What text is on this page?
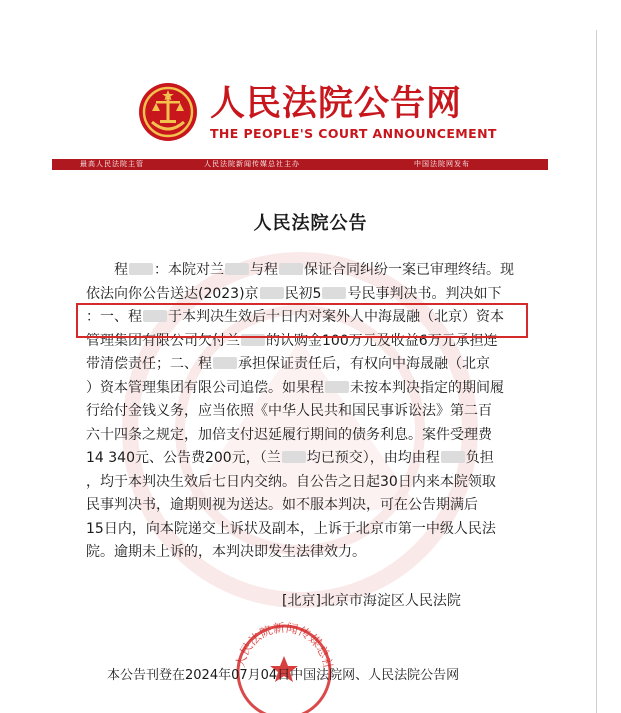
人民法院公告网
THE PEOPLE'S COURT ANNOUNCEMENT
最高人民法院主管	人民法院新闻传媒总社主办	中国法院网发布
人民法院公告

程 ：本院对兰 与程 保证合同纠纷一案已审理终结。现

依法向你公告送达(2023)京 民初5 号民事判决书。判决如下

：一、程 于本判决生效后十日内对案外人中海晟融（北京）资本

管理集团有限公司欠付兰 的认购金100万元及收益6万元承担连

带清偿责任；二、程 承担保证责任后，有权向中海晟融（北京

）资本管理集团有限公司追偿。如果程 未按本判决指定的期间履

行给付金钱义务，应当依照《中华人民共和国民事诉讼法》第二百

六十四条之规定，加倍支付迟延履行期间的债务利息。案件受理费

14 340元、公告费200元，（兰 均已预交），由均由程 负担

，均于本判决生效后七日内交纳。自公告之日起30日内来本院领取

民事判决书，逾期则视为送达。如不服本判决，可在公告期满后

15日内，向本院递交上诉状及副本，上诉于北京市第一中级人民法

院。逾期未上诉的，本判决即发生法律效力。

[北京]北京市海淀区人民法院
人民法院新闻传媒总社
本公告刊登在2024年07月04日中国法院网、人民法院公告网
